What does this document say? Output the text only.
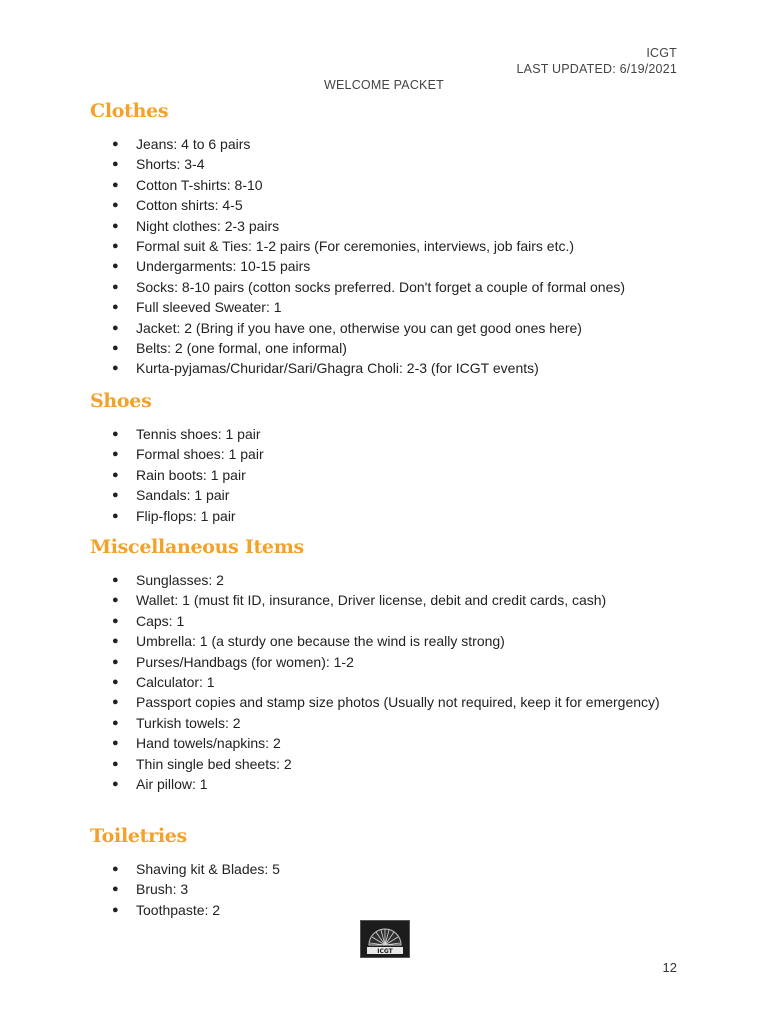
ICGT
LAST UPDATED: 6/19/2021
WELCOME PACKET
Clothes
● Jeans: 4 to 6 pairs
● Shorts: 3-4
● Cotton T-shirts: 8-10
● Cotton shirts: 4-5
● Night clothes: 2-3 pairs
● Formal suit & Ties: 1-2 pairs (For ceremonies, interviews, job fairs etc.)
● Undergarments: 10-15 pairs
● Socks: 8-10 pairs (cotton socks preferred. Don't forget a couple of formal ones)
● Full sleeved Sweater: 1
● Jacket: 2 (Bring if you have one, otherwise you can get good ones here)
● Belts: 2 (one formal, one informal)
● Kurta-pyjamas/Churidar/Sari/Ghagra Choli: 2-3 (for ICGT events)
Shoes
● Tennis shoes: 1 pair
● Formal shoes: 1 pair
● Rain boots: 1 pair
● Sandals: 1 pair
● Flip-flops: 1 pair
Miscellaneous Items
● Sunglasses: 2
● Wallet: 1 (must fit ID, insurance, Driver license, debit and credit cards, cash)
● Caps: 1
● Umbrella: 1 (a sturdy one because the wind is really strong)
● Purses/Handbags (for women): 1-2
● Calculator: 1
● Passport copies and stamp size photos (Usually not required, keep it for emergency)
● Turkish towels: 2
● Hand towels/napkins: 2
● Thin single bed sheets: 2
● Air pillow: 1
Toiletries
● Shaving kit & Blades: 5
● Brush: 3
● Toothpaste: 2
ICGT
12
